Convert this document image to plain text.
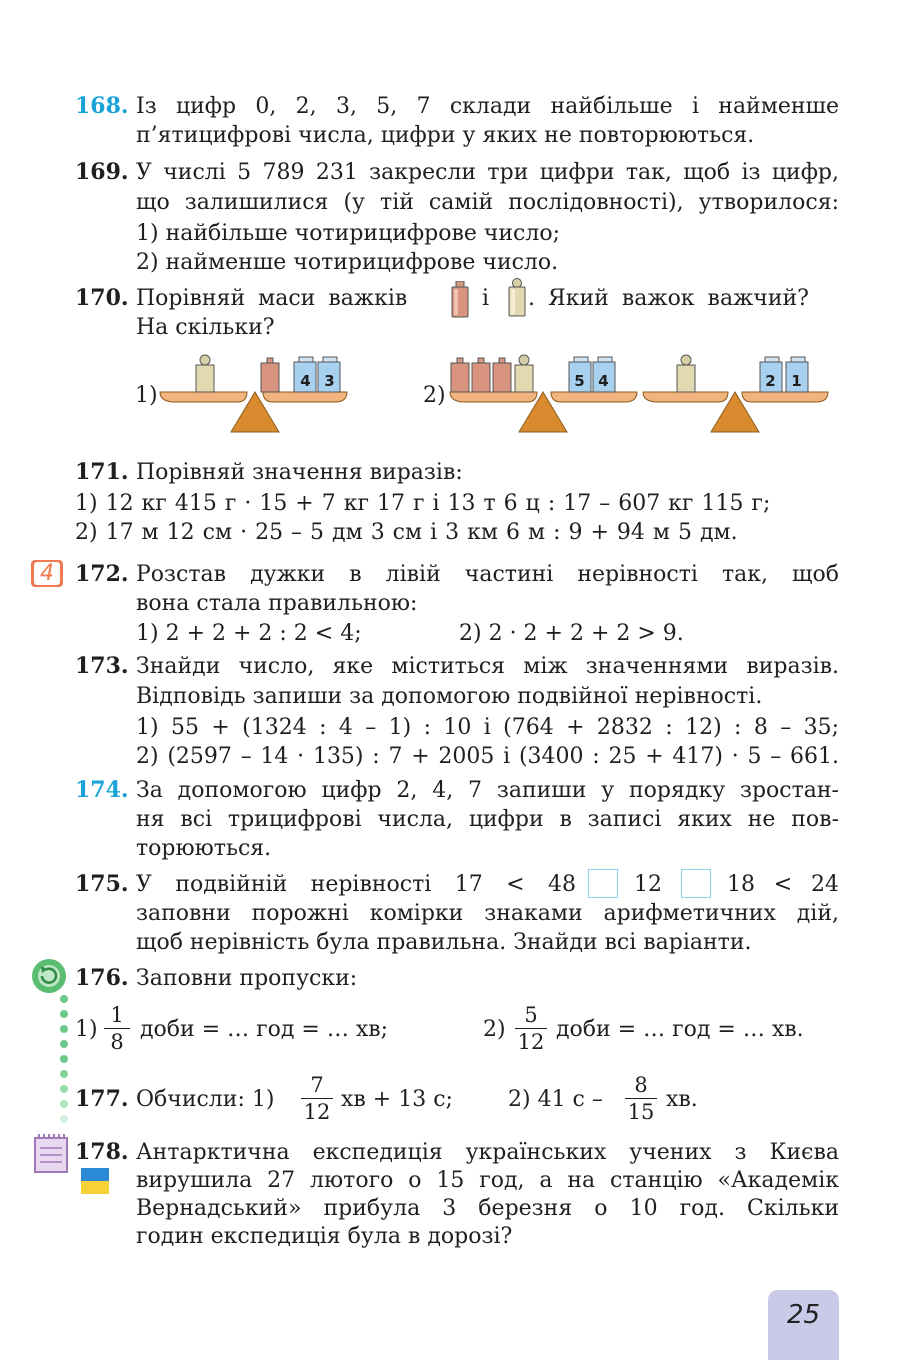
168. Із цифр 0, 2, 3, 5, 7 склади найбільше і найменше
п’ятицифрові числа, цифри у яких не повторюються.
169. У числі 5 789 231 закресли три цифри так, щоб із цифр,
що залишилися (у тій самій послідовності), утворилося:
1) найбільше чотирицифрове число;
2) найменше чотирицифрове число.
170. Порівняй маси важків	і . Який важок важчий?
На скільки?
1)	2)
4 3	5 4	2	1
171. Порівняй значення виразів:
1) 12 кг 415 г · 15 + 7 кг 17 г і 13 т 6 ц : 17 – 607 кг 115 г;
2) 17 м 12 см · 25 – 5 дм 3 см і 3 км 6 м : 9 + 94 м 5 дм.
4 172. Розстав дужки в лівій частині нерівності так, щоб
вона стала правильною:
1) 2 + 2 + 2 : 2 < 4;	2) 2 · 2 + 2 + 2 > 9.
173. Знайди число, яке міститься між значеннями виразів.
Відповідь запиши за допомогою подвійної нерівності.
1) 55 + (1324 : 4 – 1) : 10 і (764 + 2832 : 12) : 8 – 35;
2) (2597 – 14 · 135) : 7 + 2005 і (3400 : 25 + 417) · 5 – 661.
174. За допомогою цифр 2, 4, 7 запиши у порядку зростан-
ня всі трицифрові числа, цифри в записі яких не пов-
торюються.
175. У подвійній нерівності 17 < 48	12	18 < 24
заповни порожні комірки знаками арифметичних дій,
щоб нерівність була правильна. Знайди всі варіанти.
176. Заповни пропуски:
1)
1
8 доби = … год = … хв;	2)
5
12 доби = … год = … хв.
177. Обчисли: 1)
7
12 хв + 13 с;	2) 41 с –
8
15 хв.
178. Антарктична експедиція українських учених з Києва
вирушила 27 лютого о 15 год, а на станцію «Академік
Вернадський» прибула 3 березня о 10 год. Скільки
годин експедиція була в дорозі?
25
